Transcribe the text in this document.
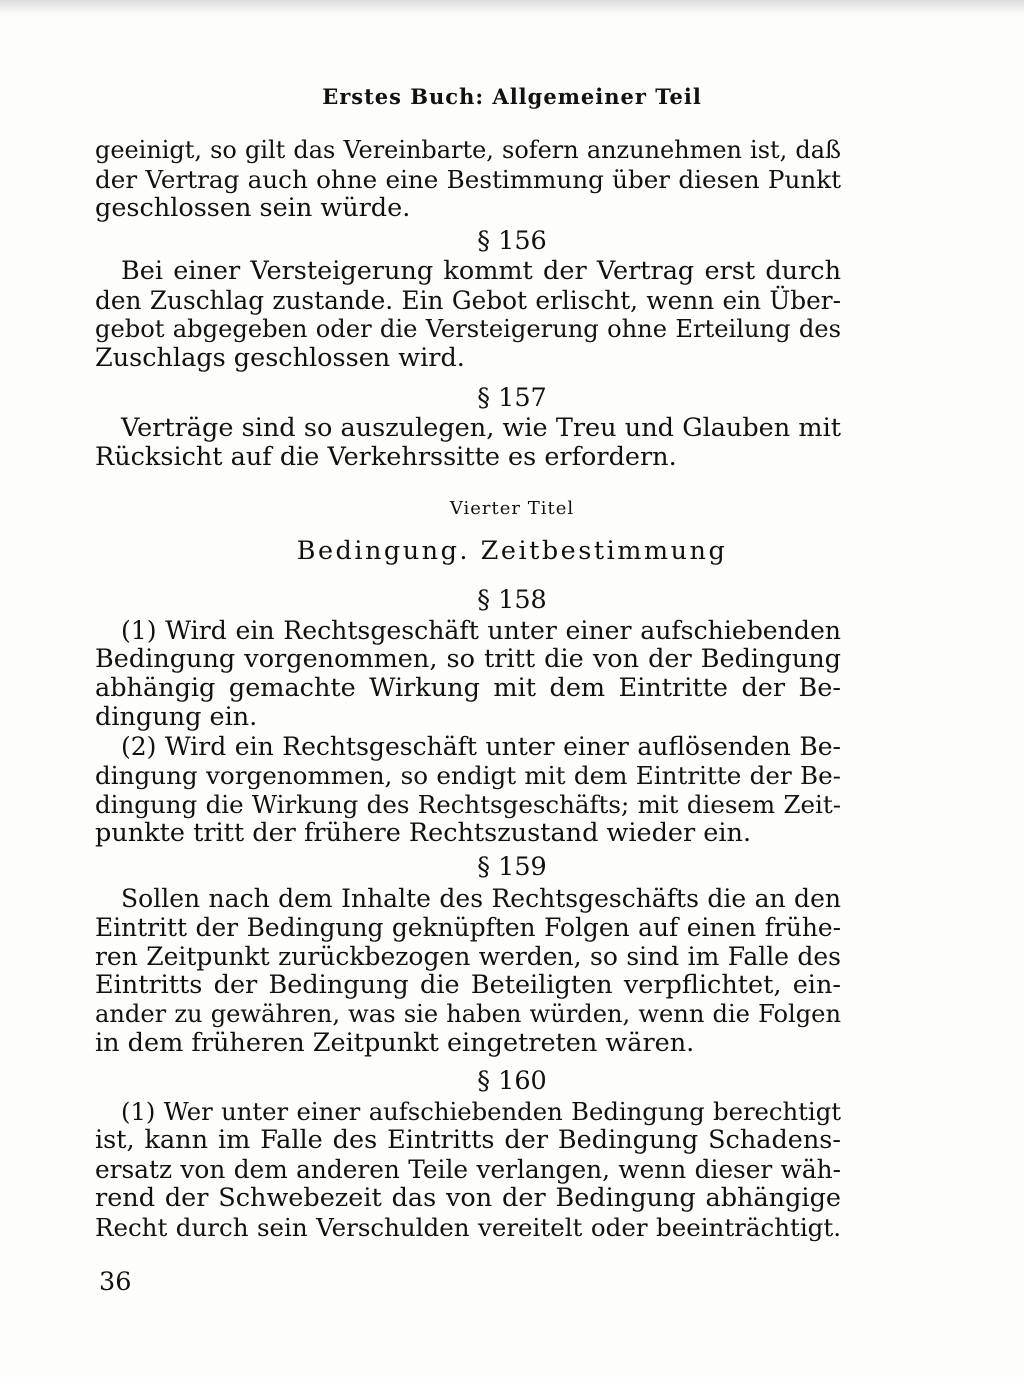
Erstes Buch: Allgemeiner Teil
geeinigt, so gilt das Vereinbarte, sofern anzunehmen ist, daß
der Vertrag auch ohne eine Bestimmung über diesen Punkt
geschlossen sein würde.
§ 156
Bei einer Versteigerung kommt der Vertrag erst durch
den Zuschlag zustande. Ein Gebot erlischt, wenn ein Über-
gebot abgegeben oder die Versteigerung ohne Erteilung des
Zuschlags geschlossen wird.
§ 157
Verträge sind so auszulegen, wie Treu und Glauben mit
Rücksicht auf die Verkehrssitte es erfordern.
Vierter Titel
Bedingung. Zeitbestimmung
§ 158
(1) Wird ein Rechtsgeschäft unter einer aufschiebenden
Bedingung vorgenommen, so tritt die von der Bedingung
abhängig gemachte Wirkung mit dem Eintritte der Be-
dingung ein.
(2) Wird ein Rechtsgeschäft unter einer auflösenden Be-
dingung vorgenommen, so endigt mit dem Eintritte der Be-
dingung die Wirkung des Rechtsgeschäfts; mit diesem Zeit-
punkte tritt der frühere Rechtszustand wieder ein.
§ 159
Sollen nach dem Inhalte des Rechtsgeschäfts die an den
Eintritt der Bedingung geknüpften Folgen auf einen frühe-
ren Zeitpunkt zurückbezogen werden, so sind im Falle des
Eintritts der Bedingung die Beteiligten verpflichtet, ein-
ander zu gewähren, was sie haben würden, wenn die Folgen
in dem früheren Zeitpunkt eingetreten wären.
§ 160
(1) Wer unter einer aufschiebenden Bedingung berechtigt
ist, kann im Falle des Eintritts der Bedingung Schadens-
ersatz von dem anderen Teile verlangen, wenn dieser wäh-
rend der Schwebezeit das von der Bedingung abhängige
Recht durch sein Verschulden vereitelt oder beeinträchtigt.
36
